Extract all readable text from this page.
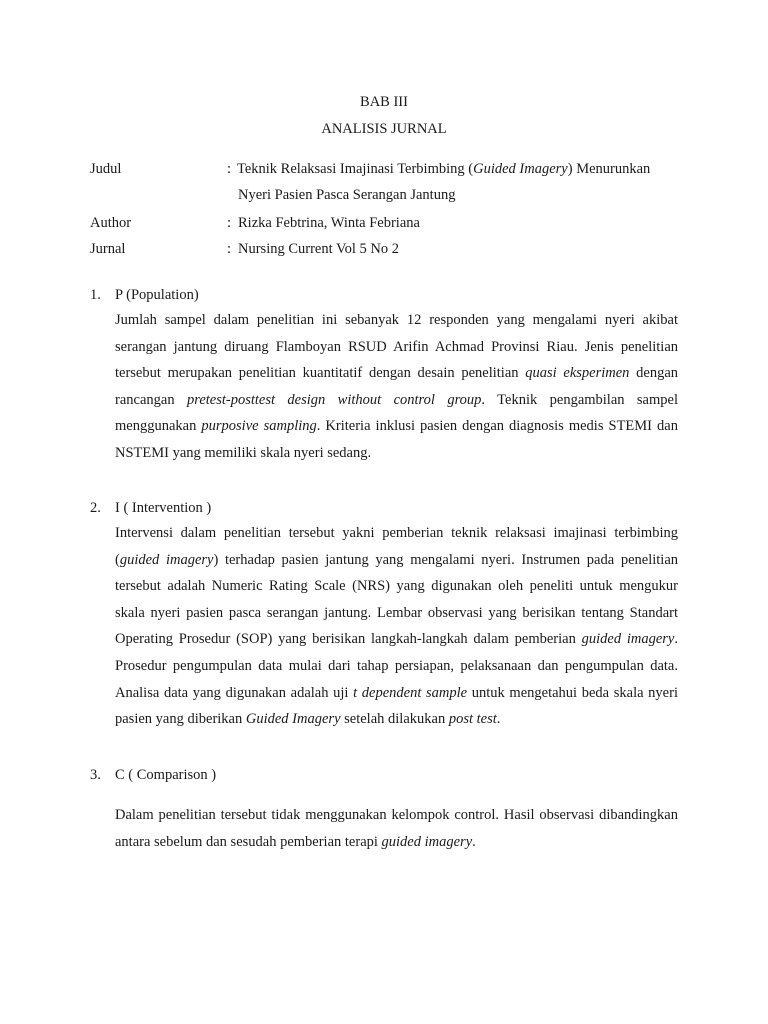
BAB III
ANALISIS JURNAL
Judul	: Teknik Relaksasi Imajinasi Terbimbing (Guided Imagery) Menurunkan
Nyeri Pasien Pasca Serangan Jantung
Author	: Rizka Febtrina, Winta Febriana
Jurnal	: Nursing Current Vol 5 No 2
1. P (Population)

Jumlah sampel dalam penelitian ini sebanyak 12 responden yang mengalami nyeri akibat serangan jantung diruang Flamboyan RSUD Arifin Achmad Provinsi Riau. Jenis penelitian tersebut merupakan penelitian kuantitatif dengan desain penelitian quasi eksperimen dengan rancangan pretest-posttest design without control group. Teknik pengambilan sampel menggunakan purposive sampling. Kriteria inklusi pasien dengan diagnosis medis STEMI dan NSTEMI yang memiliki skala nyeri sedang.

2. I ( Intervention )

Intervensi dalam penelitian tersebut yakni pemberian teknik relaksasi imajinasi terbimbing (guided imagery) terhadap pasien jantung yang mengalami nyeri. Instrumen pada penelitian tersebut adalah Numeric Rating Scale (NRS) yang digunakan oleh peneliti untuk mengukur skala nyeri pasien pasca serangan jantung. Lembar observasi yang berisikan tentang Standart Operating Prosedur (SOP) yang berisikan langkah-langkah dalam pemberian guided imagery. Prosedur pengumpulan data mulai dari tahap persiapan, pelaksanaan dan pengumpulan data. Analisa data yang digunakan adalah uji t dependent sample untuk mengetahui beda skala nyeri pasien yang diberikan Guided Imagery setelah dilakukan post test.

3. C ( Comparison )

Dalam penelitian tersebut tidak menggunakan kelompok control. Hasil observasi dibandingkan antara sebelum dan sesudah pemberian terapi guided imagery.
